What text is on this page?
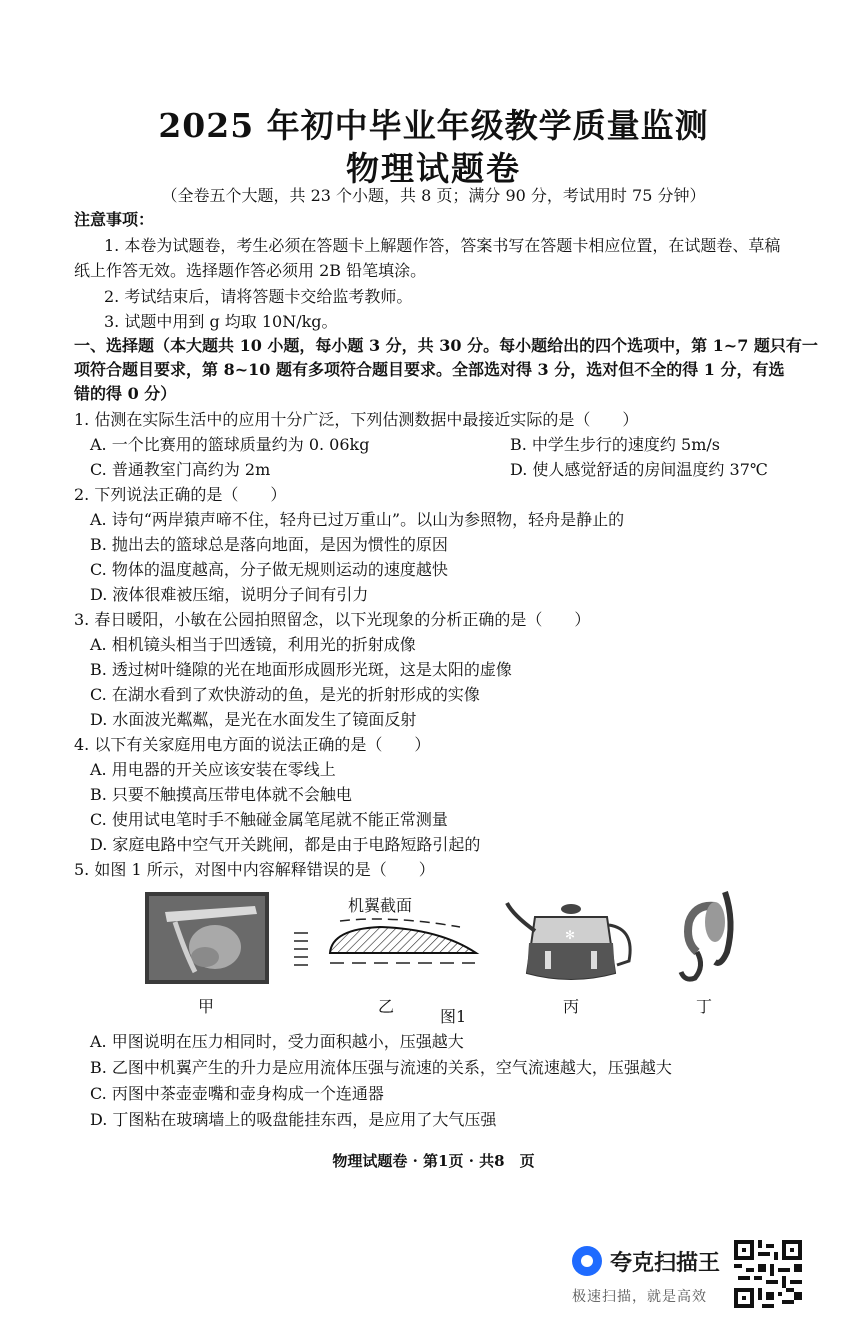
2025 年初中毕业年级教学质量监测
物理试题卷
（全卷五个大题，共 23 个小题，共 8 页；满分 90 分，考试用时 75 分钟）
注意事项：
1. 本卷为试题卷，考生必须在答题卡上解题作答，答案书写在答题卡相应位置，在试题卷、草稿
纸上作答无效。选择题作答必须用 2B 铅笔填涂。
2. 考试结束后，请将答题卡交给监考教师。
3. 试题中用到 g 均取 10N/kg。
一、选择题（本大题共 10 小题，每小题 3 分，共 30 分。每小题给出的四个选项中，第 1~7 题只有一
项符合题目要求，第 8~10 题有多项符合题目要求。全部选对得 3 分，选对但不全的得 1 分，有选
错的得 0 分）
1. 估测在实际生活中的应用十分广泛，下列估测数据中最接近实际的是（　　）
A. 一个比赛用的篮球质量约为 0. 06kg	B. 中学生步行的速度约 5m/s
C. 普通教室门高约为 2m	D. 使人感觉舒适的房间温度约 37℃
2. 下列说法正确的是（　　）
A. 诗句“两岸猿声啼不住，轻舟已过万重山”。以山为参照物，轻舟是静止的
B. 抛出去的篮球总是落向地面，是因为惯性的原因
C. 物体的温度越高，分子做无规则运动的速度越快
D. 液体很难被压缩，说明分子间有引力
3. 春日暖阳，小敏在公园拍照留念，以下光现象的分析正确的是（　　）
A. 相机镜头相当于凹透镜，利用光的折射成像
B. 透过树叶缝隙的光在地面形成圆形光斑，这是太阳的虚像
C. 在湖水看到了欢快游动的鱼，是光的折射形成的实像
D. 水面波光粼粼，是光在水面发生了镜面反射
4. 以下有关家庭用电方面的说法正确的是（　　）
A. 用电器的开关应该安装在零线上
B. 只要不触摸高压带电体就不会触电
C. 使用试电笔时手不触碰金属笔尾就不能正常测量
D. 家庭电路中空气开关跳闸，都是由于电路短路引起的
5. 如图 1 所示，对图中内容解释错误的是（　　）
甲
机翼截面
乙
图1
✻
丙	丁
A. 甲图说明在压力相同时，受力面积越小，压强越大
B. 乙图中机翼产生的升力是应用流体压强与流速的关系，空气流速越大，压强越大
C. 丙图中茶壶壶嘴和壶身构成一个连通器
D. 丁图粘在玻璃墙上的吸盘能挂东西，是应用了大气压强
物理试题卷 · 第1页 · 共8　页
夸克扫描王
极速扫描，就是高效
